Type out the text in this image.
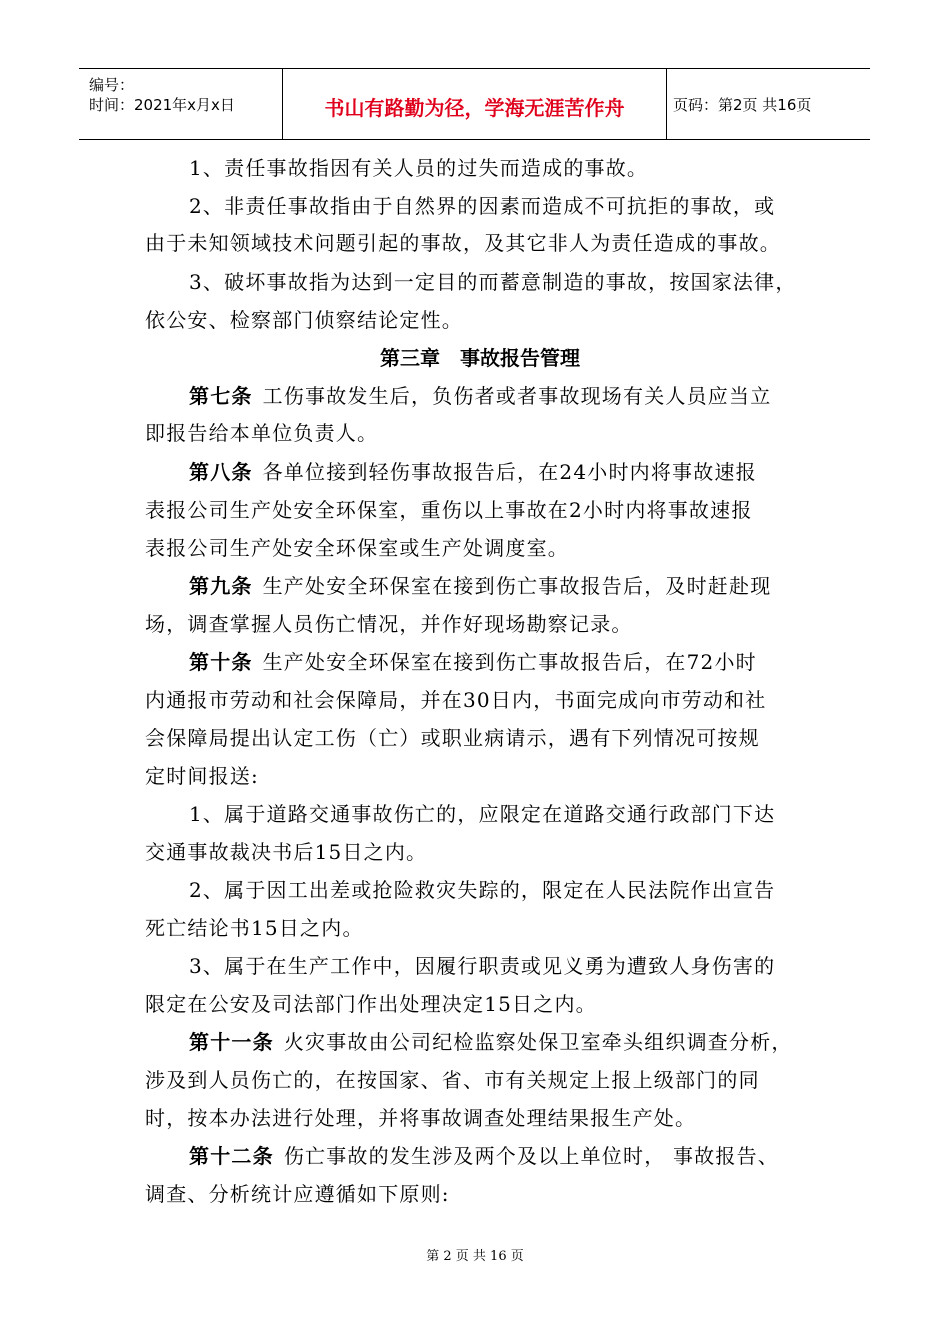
编号：
时间：2021年x月x日	书山有路勤为径，学海无涯苦作舟	页码：第2页 共16页
1、责任事故指因有关人员的过失而造成的事故。
2、非责任事故指由于自然界的因素而造成不可抗拒的事故，或
由于未知领域技术问题引起的事故，及其它非人为责任造成的事故。
3、破坏事故指为达到一定目的而蓄意制造的事故，按国家法律，
依公安、检察部门侦察结论定性。
第三章　事故报告管理
第七条 工伤事故发生后，负伤者或者事故现场有关人员应当立
即报告给本单位负责人。
第八条 各单位接到轻伤事故报告后，在24小时内将事故速报
表报公司生产处安全环保室，重伤以上事故在2小时内将事故速报
表报公司生产处安全环保室或生产处调度室。
第九条 生产处安全环保室在接到伤亡事故报告后，及时赶赴现
场，调查掌握人员伤亡情况，并作好现场勘察记录。
第十条 生产处安全环保室在接到伤亡事故报告后，在72小时
内通报市劳动和社会保障局，并在30日内，书面完成向市劳动和社
会保障局提出认定工伤（亡）或职业病请示，遇有下列情况可按规
定时间报送:
1、属于道路交通事故伤亡的，应限定在道路交通行政部门下达
交通事故裁决书后15日之内。
2、属于因工出差或抢险救灾失踪的，限定在人民法院作出宣告
死亡结论书15日之内。
3、属于在生产工作中，因履行职责或见义勇为遭致人身伤害的
限定在公安及司法部门作出处理决定15日之内。
第十一条 火灾事故由公司纪检监察处保卫室牵头组织调查分析，
涉及到人员伤亡的，在按国家、省、市有关规定上报上级部门的同
时，按本办法进行处理，并将事故调查处理结果报生产处。
第十二条 伤亡事故的发生涉及两个及以上单位时， 事故报告、
调查、分析统计应遵循如下原则:
第 2 页 共 16 页
